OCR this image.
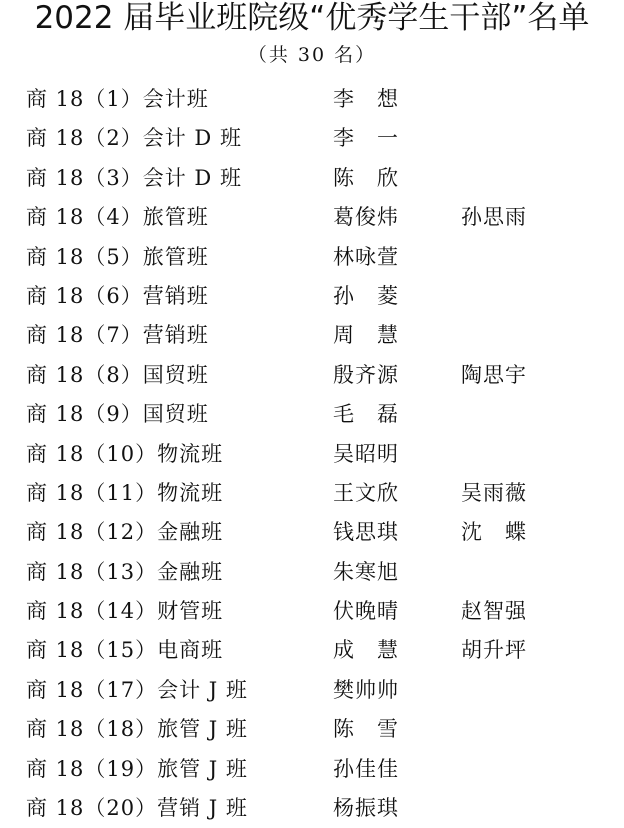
2022 届毕业班院级“优秀学生干部”名单
（共 30 名）
商 18（1）会计班	李　想
商 18（2）会计 D 班	李　一
商 18（3）会计 D 班	陈　欣
商 18（4）旅管班	葛俊炜	孙思雨
商 18（5）旅管班	林咏萱
商 18（6）营销班	孙　菱
商 18（7）营销班	周　慧
商 18（8）国贸班	殷齐源	陶思宇
商 18（9）国贸班	毛　磊
商 18（10）物流班	吴昭明
商 18（11）物流班	王文欣	吴雨薇
商 18（12）金融班	钱思琪	沈　蝶
商 18（13）金融班	朱寒旭
商 18（14）财管班	伏晚晴	赵智强
商 18（15）电商班	成　慧	胡升坪
商 18（17）会计 J 班	樊帅帅
商 18（18）旅管 J 班	陈　雪
商 18（19）旅管 J 班	孙佳佳
商 18（20）营销 J 班	杨振琪
